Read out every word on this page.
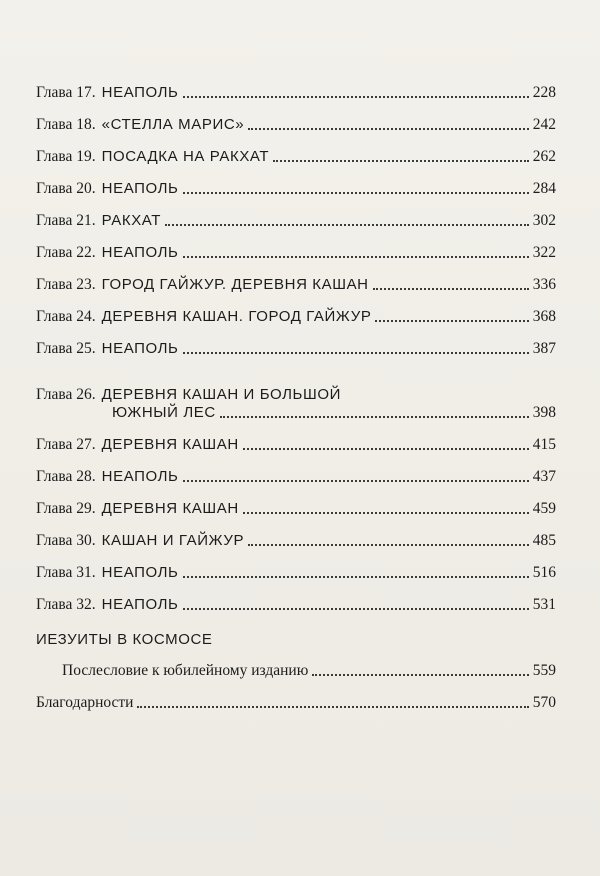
Глава 17. НЕАПОЛЬ	228
Глава 18. «СТЕЛЛА МАРИС»	242
Глава 19. ПОСАДКА НА РАКХАТ	262
Глава 20. НЕАПОЛЬ	284
Глава 21. РАКХАТ	302
Глава 22. НЕАПОЛЬ	322
Глава 23. ГОРОД ГАЙЖУР. ДЕРЕВНЯ КАШАН	336
Глава 24. ДЕРЕВНЯ КАШАН. ГОРОД ГАЙЖУР	368
Глава 25. НЕАПОЛЬ	387
Глава 26. ДЕРЕВНЯ КАШАН И БОЛЬШОЙ
ЮЖНЫЙ ЛЕС	398
Глава 27. ДЕРЕВНЯ КАШАН	415
Глава 28. НЕАПОЛЬ	437
Глава 29. ДЕРЕВНЯ КАШАН	459
Глава 30. КАШАН И ГАЙЖУР	485
Глава 31. НЕАПОЛЬ	516
Глава 32. НЕАПОЛЬ	531
ИЕЗУИТЫ В КОСМОСЕ
Послесловие к юбилейному изданию	559
Благодарности	570
